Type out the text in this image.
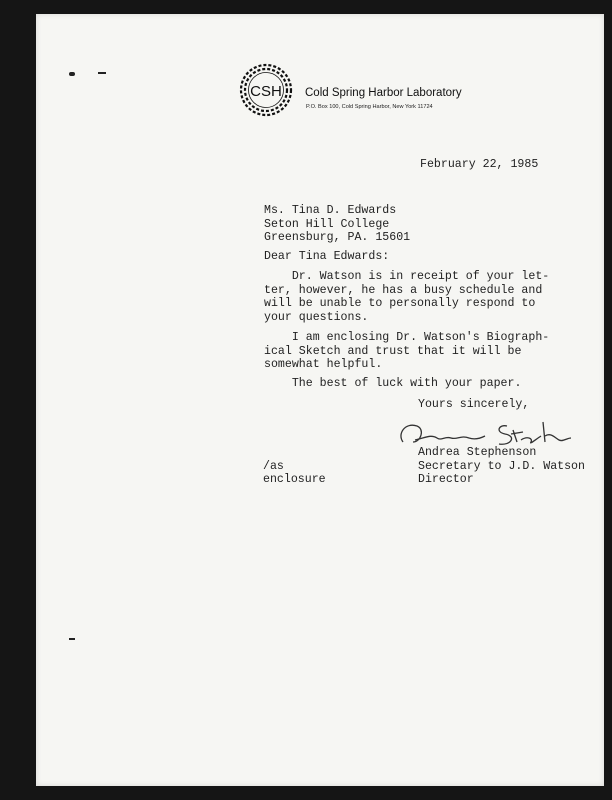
CSH Cold Spring Harbor Laboratory
P.O. Box 100, Cold Spring Harbor, New York 11724
February 22, 1985
Ms. Tina D. Edwards
Seton Hill College
Greensburg, PA. 15601
Dear Tina Edwards:
Dr. Watson is in receipt of your let-
ter, however, he has a busy schedule and
will be unable to personally respond to
your questions.
I am enclosing Dr. Watson's Biograph-
ical Sketch and trust that it will be
somewhat helpful.
The best of luck with your paper.
Yours sincerely,
Andrea Stephenson
Secretary to J.D. Watson
Director
/as
enclosure
